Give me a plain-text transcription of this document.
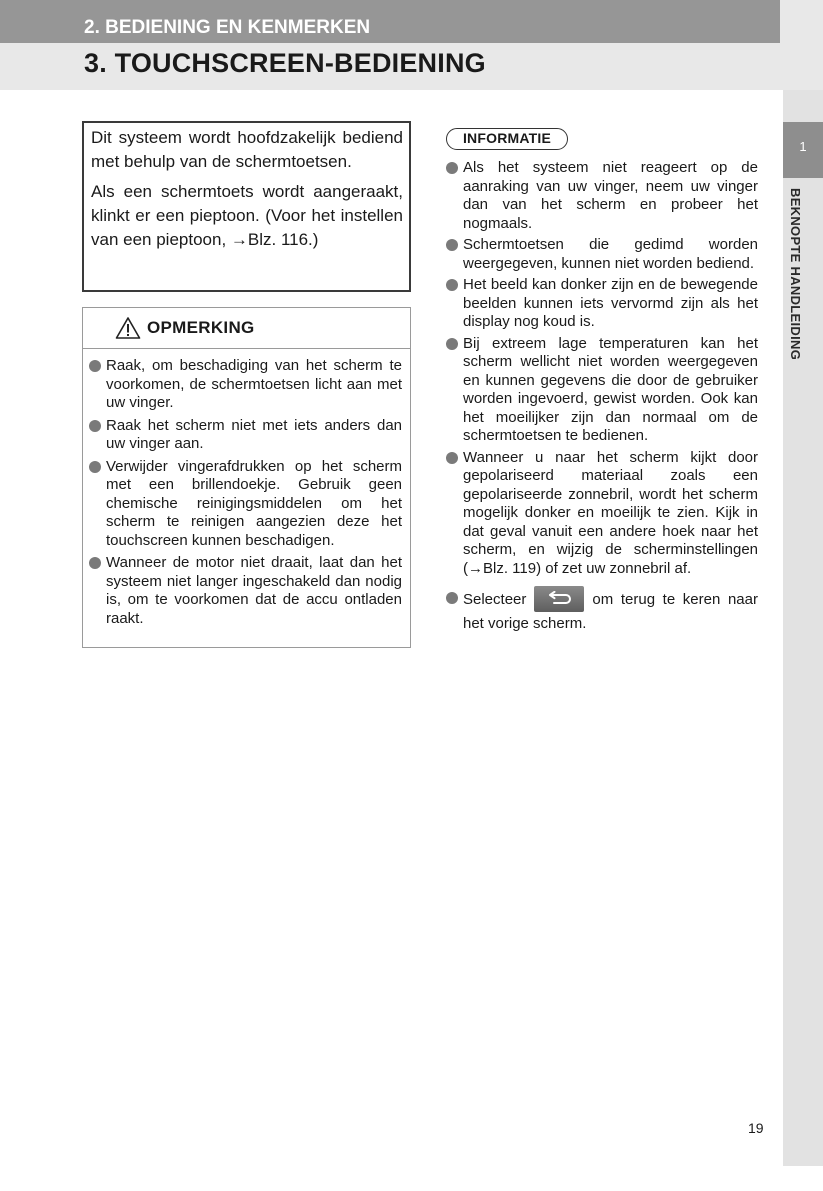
2. BEDIENING EN KENMERKEN
3. TOUCHSCREEN-BEDIENING
1
BEKNOPTE HANDLEIDING

Dit systeem wordt hoofdzakelijk bediend met behulp van de schermtoetsen.

Als een schermtoets wordt aangeraakt, klinkt er een pieptoon. (Voor het instellen van een pieptoon, →Blz. 116.)

OPMERKING
Raak, om beschadiging van het scherm te voorkomen, de schermtoetsen licht aan met uw vinger.
Raak het scherm niet met iets anders dan uw vinger aan.
Verwijder vingerafdrukken op het scherm met een brillendoekje. Gebruik geen chemische reinigingsmiddelen om het scherm te reinigen aangezien deze het touchscreen kunnen beschadigen.
Wanneer de motor niet draait, laat dan het systeem niet langer ingeschakeld dan nodig is, om te voorkomen dat de accu ontladen raakt.
INFORMATIE
Als het systeem niet reageert op de aanraking van uw vinger, neem uw vinger dan van het scherm en probeer het nogmaals.
Schermtoetsen die gedimd worden weergegeven, kunnen niet worden bediend.
Het beeld kan donker zijn en de bewegende beelden kunnen iets vervormd zijn als het display nog koud is.
Bij extreem lage temperaturen kan het scherm wellicht niet worden weergegeven en kunnen gegevens die door de gebruiker worden ingevoerd, gewist worden. Ook kan het moeilijker zijn dan normaal om de schermtoetsen te bedienen.
Wanneer u naar het scherm kijkt door gepolariseerd materiaal zoals een gepolariseerde zonnebril, wordt het scherm mogelijk donker en moeilijk te zien. Kijk in dat geval vanuit een andere hoek naar het scherm, en wijzig de scherminstellingen (→Blz. 119) of zet uw zonnebril af.
Selecteer	om terug te keren naar het vorige scherm.
19
